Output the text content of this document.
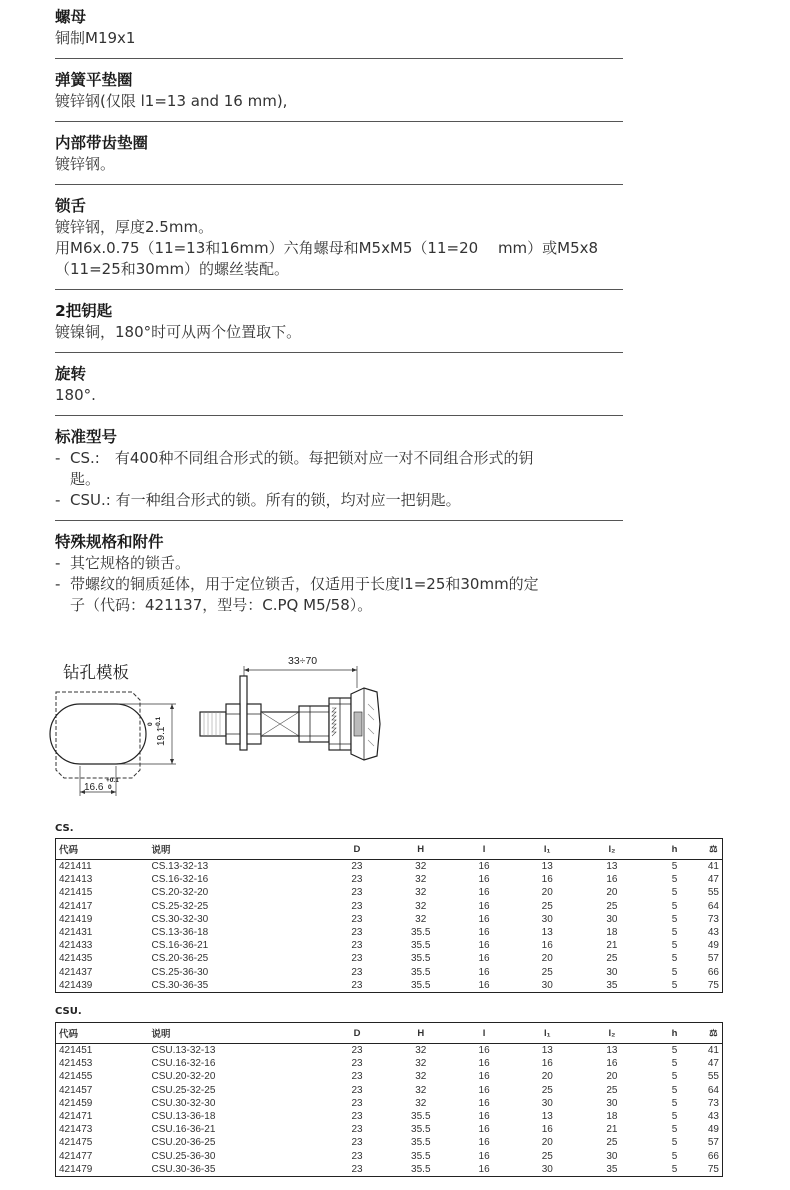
螺母
铜制M19x1
弹簧平垫圈
镀锌钢(仅限 l1=13 and 16 mm),
内部带齿垫圈
镀锌钢。
锁舌
镀锌钢，厚度2.5mm。
用M6x.0.75（11=13和16mm）六角螺母和M5xM5（11=20　 mm）或M5x8
（11=25和30mm）的螺丝装配。
2把钥匙
镀镍铜，180°时可从两个位置取下。
旋转
180°.
标准型号
- CS.:　有400种不同组合形式的锁。每把锁对应一对不同组合形式的钥
匙。
- CSU.: 有一种组合形式的锁。所有的锁，均对应一把钥匙。
特殊规格和附件
- 其它规格的锁舌。
- 带螺纹的铜质延体，用于定位锁舌，仅适用于长度l1=25和30mm的定
子（代码：421137，型号：C.PQ M5/58）。
钻孔模板
16.6
+0.1
0
19.1
0 -0.1
33÷70
CS.
代码	说明	D	H	l	l₁	l₂	h	⚖
421411	CS.13-32-13	23	32	16	13	13	5	41
421413	CS.16-32-16	23	32	16	16	16	5	47
421415	CS.20-32-20	23	32	16	20	20	5	55
421417	CS.25-32-25	23	32	16	25	25	5	64
421419	CS.30-32-30	23	32	16	30	30	5	73
421431	CS.13-36-18	23	35.5	16	13	18	5	43
421433	CS.16-36-21	23	35.5	16	16	21	5	49
421435	CS.20-36-25	23	35.5	16	20	25	5	57
421437	CS.25-36-30	23	35.5	16	25	30	5	66
421439	CS.30-36-35	23	35.5	16	30	35	5	75
CSU.
代码	说明	D	H	l	l₁	l₂	h	⚖
421451	CSU.13-32-13	23	32	16	13	13	5	41
421453	CSU.16-32-16	23	32	16	16	16	5	47
421455	CSU.20-32-20	23	32	16	20	20	5	55
421457	CSU.25-32-25	23	32	16	25	25	5	64
421459	CSU.30-32-30	23	32	16	30	30	5	73
421471	CSU.13-36-18	23	35.5	16	13	18	5	43
421473	CSU.16-36-21	23	35.5	16	16	21	5	49
421475	CSU.20-36-25	23	35.5	16	20	25	5	57
421477	CSU.25-36-30	23	35.5	16	25	30	5	66
421479	CSU.30-36-35	23	35.5	16	30	35	5	75
